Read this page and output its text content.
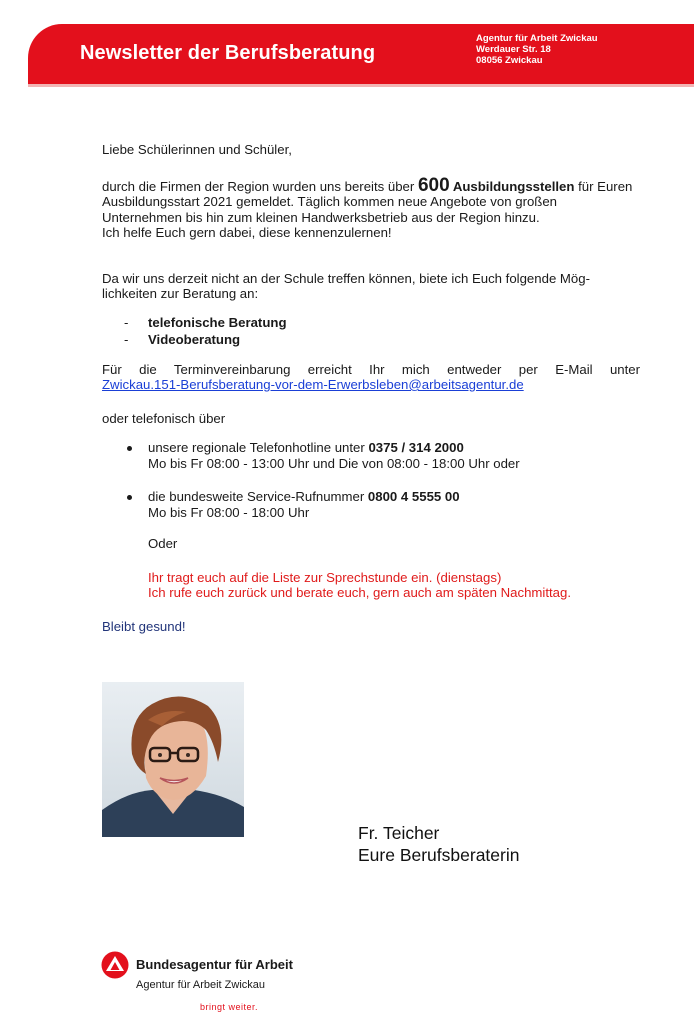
Newsletter der Berufsberatung
Agentur für Arbeit Zwickau
Werdauer Str. 18
08056 Zwickau

Liebe Schülerinnen und Schüler,

durch die Firmen der Region wurden uns bereits über 600 Ausbildungsstellen für Euren Ausbildungsstart 2021 gemeldet. Täglich kommen neue Angebote von großen Unternehmen bis hin zum kleinen Handwerksbetrieb aus der Region hinzu.

Ich helfe Euch gern dabei, diese kennenzulernen!

Da wir uns derzeit nicht an der Schule treffen können, biete ich Euch folgende Mög-lichkeiten zur Beratung an:

- telefonische Beratung
- Videoberatung

Für die Terminvereinbarung erreicht Ihr mich entweder per E-Mail unter

Zwickau.151-Berufsberatung-vor-dem-Erwerbsleben@arbeitsagentur.de

oder telefonisch über

unsere regionale Telefonhotline unter 0375 / 314 2000
Mo bis Fr 08:00 - 13:00 Uhr und Die von 08:00 - 18:00 Uhr oder
die bundesweite Service-Rufnummer 0800 4 5555 00
Mo bis Fr 08:00 - 18:00 Uhr

Oder

Ihr tragt euch auf die Liste zur Sprechstunde ein. (dienstags)

Ich rufe euch zurück und berate euch, gern auch am späten Nachmittag.

Bleibt gesund!

Fr. Teicher
Eure Berufsberaterin
Bundesagentur für Arbeit
Agentur für Arbeit Zwickau
bringt weiter.
